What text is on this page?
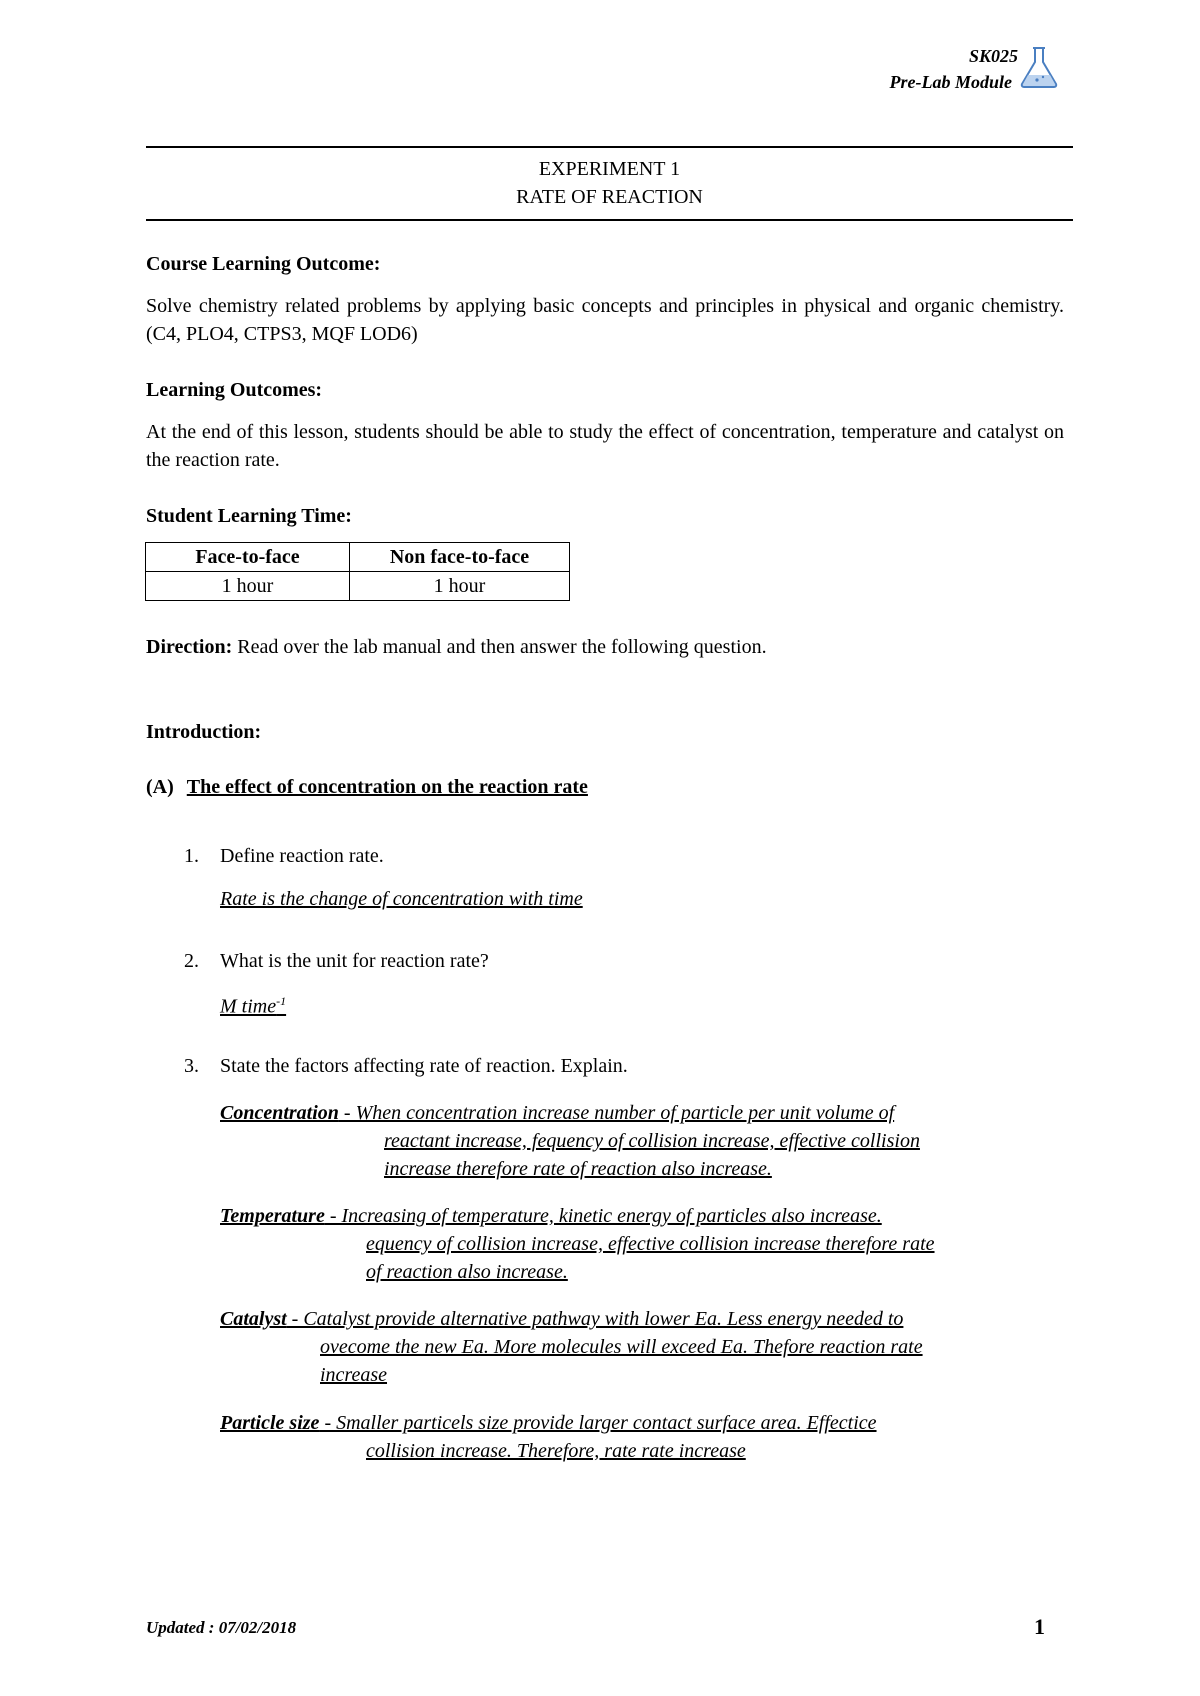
SK025
Pre-Lab Module
EXPERIMENT 1
RATE OF REACTION
Course Learning Outcome:
Solve chemistry related problems by applying basic concepts and principles in physical and organic chemistry. (C4, PLO4, CTPS3, MQF LOD6)
Learning Outcomes:
At the end of this lesson, students should be able to study the effect of concentration, temperature and catalyst on the reaction rate.
Student Learning Time:
Face-to-face	Non face-to-face
1 hour	1 hour
Direction: Read over the lab manual and then answer the following question.
Introduction:
(A) The effect of concentration on the reaction rate
1. Define reaction rate.
Rate is the change of concentration with time
2. What is the unit for reaction rate?
M time$^{-1}$
3. State the factors affecting rate of reaction. Explain.
Concentration - When concentration increase number of particle per unit volume of
reactant increase, fequency of collision increase, effective collision
increase therefore rate of reaction also increase.
Temperature - Increasing of temperature, kinetic energy of particles also increase.
equency of collision increase, effective collision increase therefore rate
of reaction also increase.
Catalyst - Catalyst provide alternative pathway with lower Ea. Less energy needed to
ovecome the new Ea. More molecules will exceed Ea. Thefore reaction rate
increase
Particle size - Smaller particels size provide larger contact surface area. Effectice
collision increase. Therefore, rate rate increase
Updated : 07/02/2018	1
